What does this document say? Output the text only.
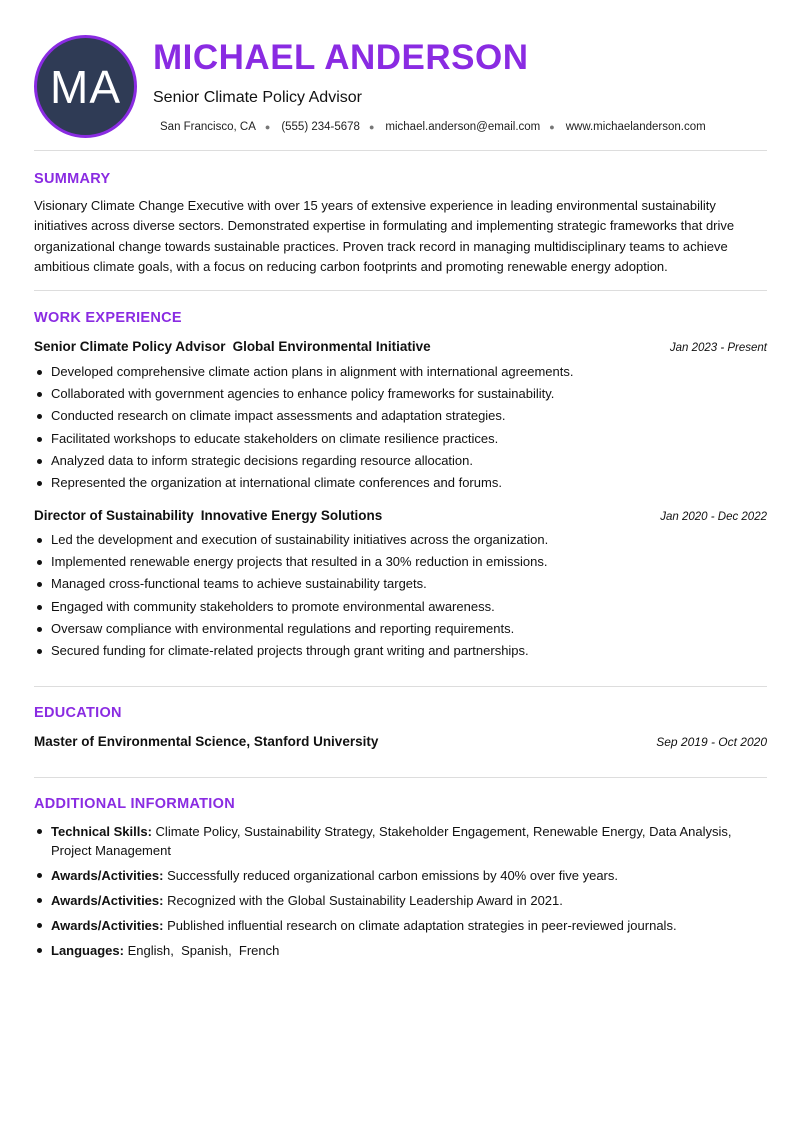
MA
MICHAEL ANDERSON
Senior Climate Policy Advisor
San Francisco, CA ● (555) 234-5678 ● michael.anderson@email.com ● www.michaelanderson.com
SUMMARY
Visionary Climate Change Executive with over 15 years of extensive experience in leading environmental sustainability initiatives across diverse sectors. Demonstrated expertise in formulating and implementing strategic frameworks that drive organizational change towards sustainable practices. Proven track record in managing multidisciplinary teams to achieve ambitious climate goals, with a focus on reducing carbon footprints and promoting renewable energy adoption.
WORK EXPERIENCE
Senior Climate Policy Advisor Global Environmental Initiative	Jan 2023 - Present
Developed comprehensive climate action plans in alignment with international agreements.
Collaborated with government agencies to enhance policy frameworks for sustainability.
Conducted research on climate impact assessments and adaptation strategies.
Facilitated workshops to educate stakeholders on climate resilience practices.
Analyzed data to inform strategic decisions regarding resource allocation.
Represented the organization at international climate conferences and forums.
Director of Sustainability Innovative Energy Solutions	Jan 2020 - Dec 2022
Led the development and execution of sustainability initiatives across the organization.
Implemented renewable energy projects that resulted in a 30% reduction in emissions.
Managed cross-functional teams to achieve sustainability targets.
Engaged with community stakeholders to promote environmental awareness.
Oversaw compliance with environmental regulations and reporting requirements.
Secured funding for climate-related projects through grant writing and partnerships.
EDUCATION
Master of Environmental Science, Stanford University	Sep 2019 - Oct 2020
ADDITIONAL INFORMATION
Technical Skills: Climate Policy, Sustainability Strategy, Stakeholder Engagement, Renewable Energy, Data Analysis, Project Management
Awards/Activities: Successfully reduced organizational carbon emissions by 40% over five years.
Awards/Activities: Recognized with the Global Sustainability Leadership Award in 2021.
Awards/Activities: Published influential research on climate adaptation strategies in peer-reviewed journals.
Languages: English , Spanish , French
